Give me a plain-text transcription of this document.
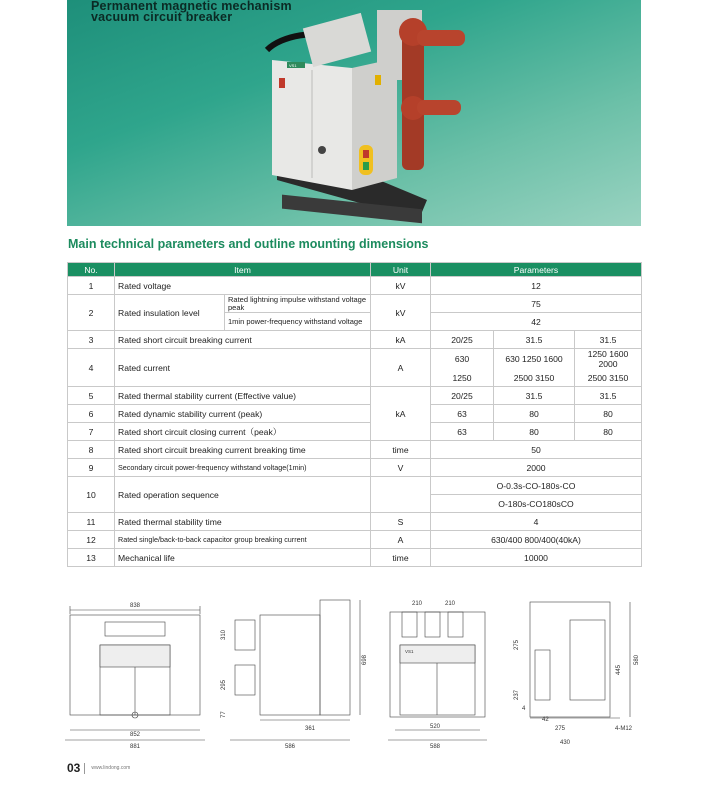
Permanent magnetic mechanism
vacuum circuit breaker
VS1
Main technical parameters and outline mounting dimensions
No.	Item		Unit	Parameters		
1	Rated voltage		kV	12		
2	Rated insulation level	Rated lightning impulse withstand voltage peak	kV	75		
		1min power-frequency withstand voltage		42		
3	Rated short circuit breaking current		kA	20/25	31.5	31.5
4	Rated current		A	630	630 1250 1600	1250 1600 2000
				1250	2500 3150	2500 3150
5	Rated thermal stability current (Effective value)		kA	20/25	31.5	31.5
6	Rated dynamic stability current (peak)			63	80	80
7	Rated short circuit closing current（peak）			63	80	80
8	Rated short circuit breaking current breaking time		time	50		
9	Secondary circuit power-frequency withstand voltage(1min)		V	2000		
10	Rated operation sequence			O-0.3s-CO-180s-CO		
				O-180s-CO180sCO		
11	Rated thermal stability time		S	4		
12	Rated single/back-to-back capacitor group breaking current		A	630/400 800/400(40kA)		
13	Mechanical life		time	10000		
838
852
881
310
295
77
698
361
586
210	210
VS1
520
588
275
237
4
445
580
42
275	4-M12
430
03 www.lindong.com
